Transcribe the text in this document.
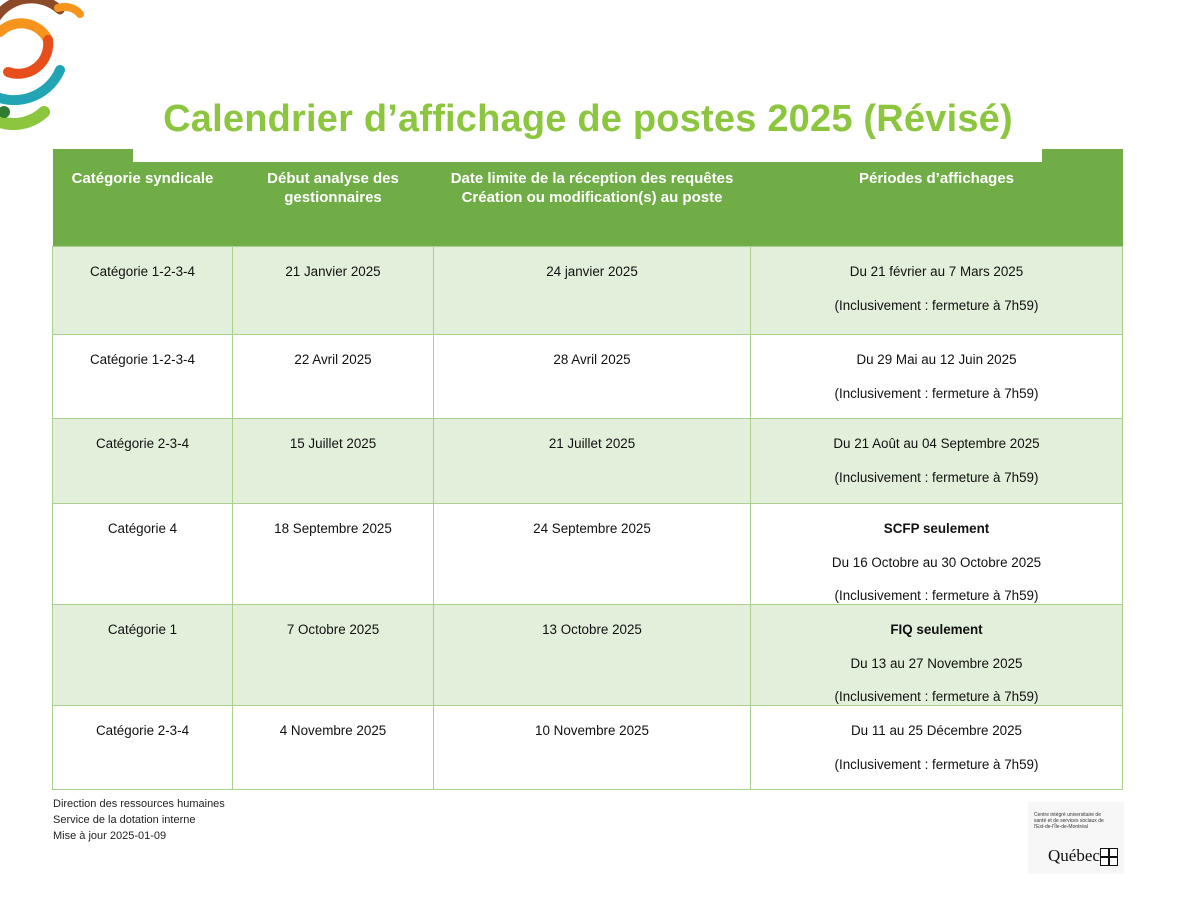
Calendrier d’affichage de postes 2025 (Révisé)
Catégorie syndicale	Début analyse des gestionnaires	Date limite de la réception des requêtes Création ou modification(s) au poste	Périodes d’affichages
Catégorie 1-2-3-4	21 Janvier 2025	24 janvier 2025	Du 21 février au 7 Mars 2025
(Inclusivement : fermeture à 7h59)

Catégorie 1-2-3-4	22 Avril 2025	28 Avril 2025	Du 29 Mai au 12 Juin 2025
(Inclusivement : fermeture à 7h59)

Catégorie 2-3-4	15 Juillet 2025	21 Juillet 2025	Du 21 Août au 04 Septembre 2025
(Inclusivement : fermeture à 7h59)

Catégorie 4	18 Septembre 2025	24 Septembre 2025	SCFP seulement
Du 16 Octobre au 30 Octobre 2025
(Inclusivement : fermeture à 7h59)

Catégorie 1	7 Octobre 2025	13 Octobre 2025	FIQ seulement
Du 13 au 27 Novembre 2025
(Inclusivement : fermeture à 7h59)

Catégorie 2-3-4	4 Novembre 2025	10 Novembre 2025	Du 11 au 25 Décembre 2025
(Inclusivement : fermeture à 7h59)
Direction des ressources humaines
Service de la dotation interne
Mise à jour 2025-01-09
Centre intégré universitaire de santé et de services sociaux de l'Est-de-l'Île-de-Montréal
Québec
